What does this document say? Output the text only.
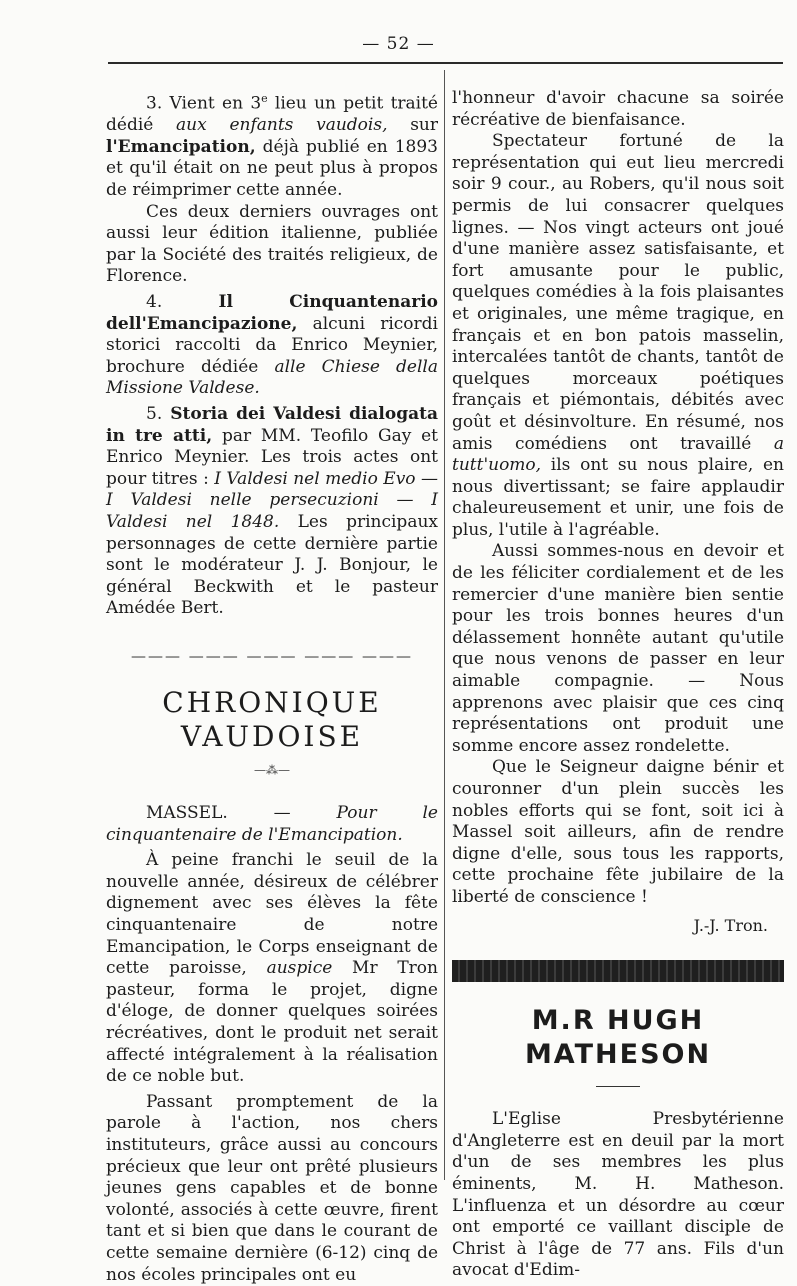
— 52 —

3. Vient en 3e lieu un petit traité dédié aux enfants vaudois, sur l'Emancipation, déjà publié en 1893 et qu'il était on ne peut plus à propos de réimprimer cette année.

Ces deux derniers ouvrages ont aussi leur édition italienne, publiée par la Société des traités religieux, de Florence.

4. Il Cinquantenario dell'Emancipazione, alcuni ricordi storici raccolti da Enrico Meynier, brochure dédiée alle Chiese della Missione Valdese.

5. Storia dei Valdesi dialogata in tre atti, par MM. Teofilo Gay et Enrico Meynier. Les trois actes ont pour titres : I Valdesi nel medio Evo — I Valdesi nelle persecuzioni — I Valdesi nel 1848. Les principaux personnages de cette dernière partie sont le modérateur J. J. Bonjour, le général Beckwith et le pasteur Amédée Bert.

——— ——— ——— ——— ———
CHRONIQUE VAUDOISE
—⁂—

MASSEL. — Pour le cinquantenaire de l'Emancipation.

À peine franchi le seuil de la nouvelle année, désireux de célébrer dignement avec ses élèves la fête cinquantenaire de notre Emancipation, le Corps enseignant de cette paroisse, auspice Mr Tron pasteur, forma le projet, digne d'éloge, de donner quelques soirées récréatives, dont le produit net serait affecté intégralement à la réalisation de ce noble but.

Passant promptement de la parole à l'action, nos chers instituteurs, grâce aussi au concours précieux que leur ont prêté plusieurs jeunes gens capables et de bonne volonté, associés à cette œuvre, firent tant et si bien que dans le courant de cette semaine dernière (6-12) cinq de nos écoles principales ont eu

l'honneur d'avoir chacune sa soirée récréative de bienfaisance.

Spectateur fortuné de la représentation qui eut lieu mercredi soir 9 cour., au Robers, qu'il nous soit permis de lui consacrer quelques lignes. — Nos vingt acteurs ont joué d'une manière assez satisfaisante, et fort amusante pour le public, quelques comédies à la fois plaisantes et originales, une même tragique, en français et en bon patois masselin, intercalées tantôt de chants, tantôt de quelques morceaux poétiques français et piémontais, débités avec goût et désinvolture. En résumé, nos amis comédiens ont travaillé a tutt'uomo, ils ont su nous plaire, en nous divertissant; se faire applaudir chaleureusement et unir, une fois de plus, l'utile à l'agréable.

Aussi sommes-nous en devoir et de les féliciter cordialement et de les remercier d'une manière bien sentie pour les trois bonnes heures d'un délassement honnête autant qu'utile que nous venons de passer en leur aimable compagnie. — Nous apprenons avec plaisir que ces cinq représentations ont produit une somme encore assez rondelette.

Que le Seigneur daigne bénir et couronner d'un plein succès les nobles efforts qui se font, soit ici à Massel soit ailleurs, afin de rendre digne d'elle, sous tous les rapports, cette prochaine fête jubilaire de la liberté de conscience !

J.-J. Tron.
M.R HUGH MATHESON

L'Eglise Presbytérienne d'Angleterre est en deuil par la mort d'un de ses membres les plus éminents, M. H. Matheson. L'influenza et un désordre au cœur ont emporté ce vaillant disciple de Christ à l'âge de 77 ans. Fils d'un avocat d'Edim-
